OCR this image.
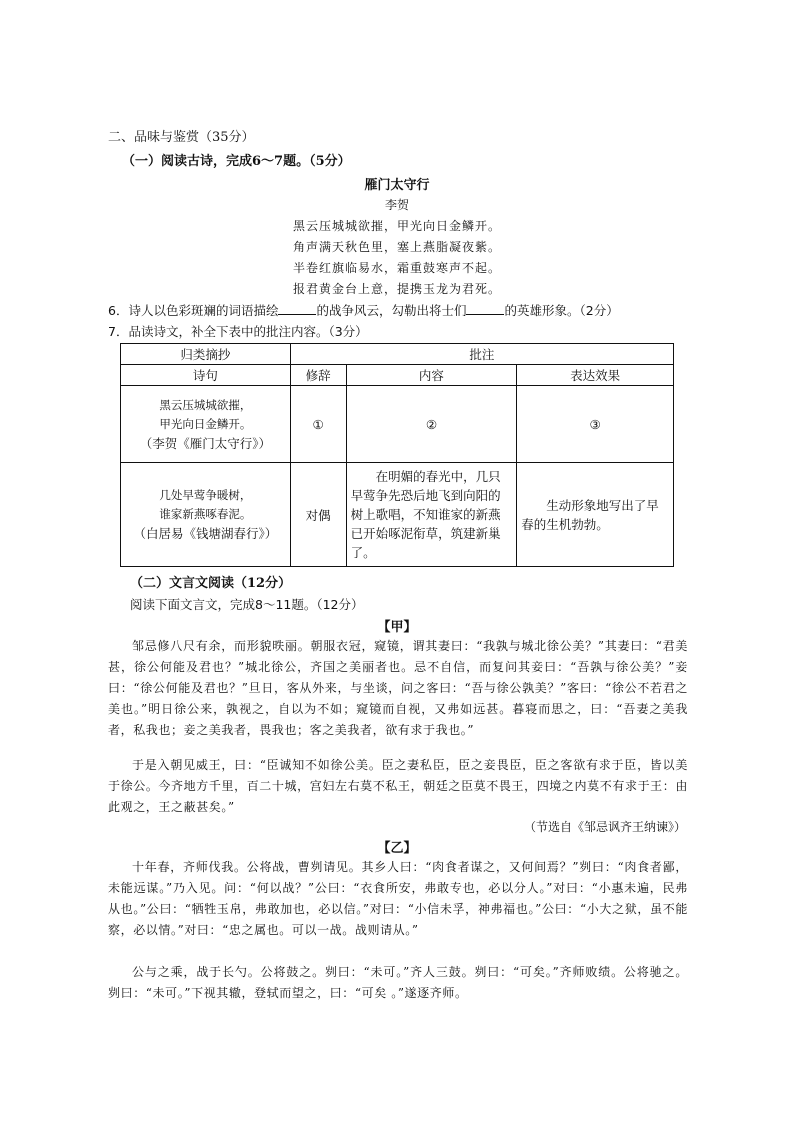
二、品味与鉴赏（35分）
（一）阅读古诗，完成6～7题。（5分）
雁门太守行
李贺
黑云压城城欲摧，甲光向日金鳞开。
角声满天秋色里，塞上燕脂凝夜紫。
半卷红旗临易水，霜重鼓寒声不起。
报君黄金台上意，提携玉龙为君死。
6．诗人以色彩斑斓的词语描绘	的战争风云，勾勒出将士们	的英雄形象。（2分）
7．品读诗文，补全下表中的批注内容。（3分）
归类摘抄	批注		
诗句	修辞	内容	表达效果

黑云压城城欲摧，
甲光向日金鳞开。
（李贺《雁门太守行》）	①	②	③

几处早莺争暖树，
谁家新燕啄春泥。
（白居易《钱塘湖春行》）	对偶	在明媚的春光中，几只早莺争先恐后地飞到向阳的树上歌唱，不知谁家的新燕已开始啄泥衔草，筑建新巢了。	生动形象地写出了早春的生机勃勃。
（二）文言文阅读（12分）
阅读下面文言文，完成8～11题。（12分）
【甲】
邹忌修八尺有余，而形貌昳丽。朝服衣冠，窥镜，谓其妻曰：“我孰与城北徐公美？”其妻曰：“君美甚，徐公何能及君也？”城北徐公，齐国之美丽者也。忌不自信，而复问其妾曰：“吾孰与徐公美？”妾曰：“徐公何能及君也？”旦日，客从外来，与坐谈，问之客曰：“吾与徐公孰美？”客曰：“徐公不若君之美也。”明日徐公来，孰视之，自以为不如；窥镜而自视，又弗如远甚。暮寝而思之，曰：“吾妻之美我者，私我也；妾之美我者，畏我也；客之美我者，欲有求于我也。”
于是入朝见威王，曰：“臣诚知不如徐公美。臣之妻私臣，臣之妾畏臣，臣之客欲有求于臣，皆以美于徐公。今齐地方千里，百二十城，宫妇左右莫不私王，朝廷之臣莫不畏王，四境之内莫不有求于王：由此观之，王之蔽甚矣。”
（节选自《邹忌讽齐王纳谏》）
【乙】
十年春，齐师伐我。公将战，曹刿请见。其乡人曰：“肉食者谋之，又何间焉？”刿曰：“肉食者鄙，未能远谋。”乃入见。问：“何以战？”公曰：“衣食所安，弗敢专也，必以分人。”对曰：“小惠未遍，民弗从也。”公曰：“牺牲玉帛，弗敢加也，必以信。”对曰：“小信未孚，神弗福也。”公曰：“小大之狱，虽不能察，必以情。”对曰：“忠之属也。可以一战。战则请从。”
公与之乘，战于长勺。公将鼓之。刿曰：“未可。”齐人三鼓。刿曰：“可矣。”齐师败绩。公将驰之。刿曰：“未可。”下视其辙，登轼而望之，曰：“可矣 。”遂逐齐师。
